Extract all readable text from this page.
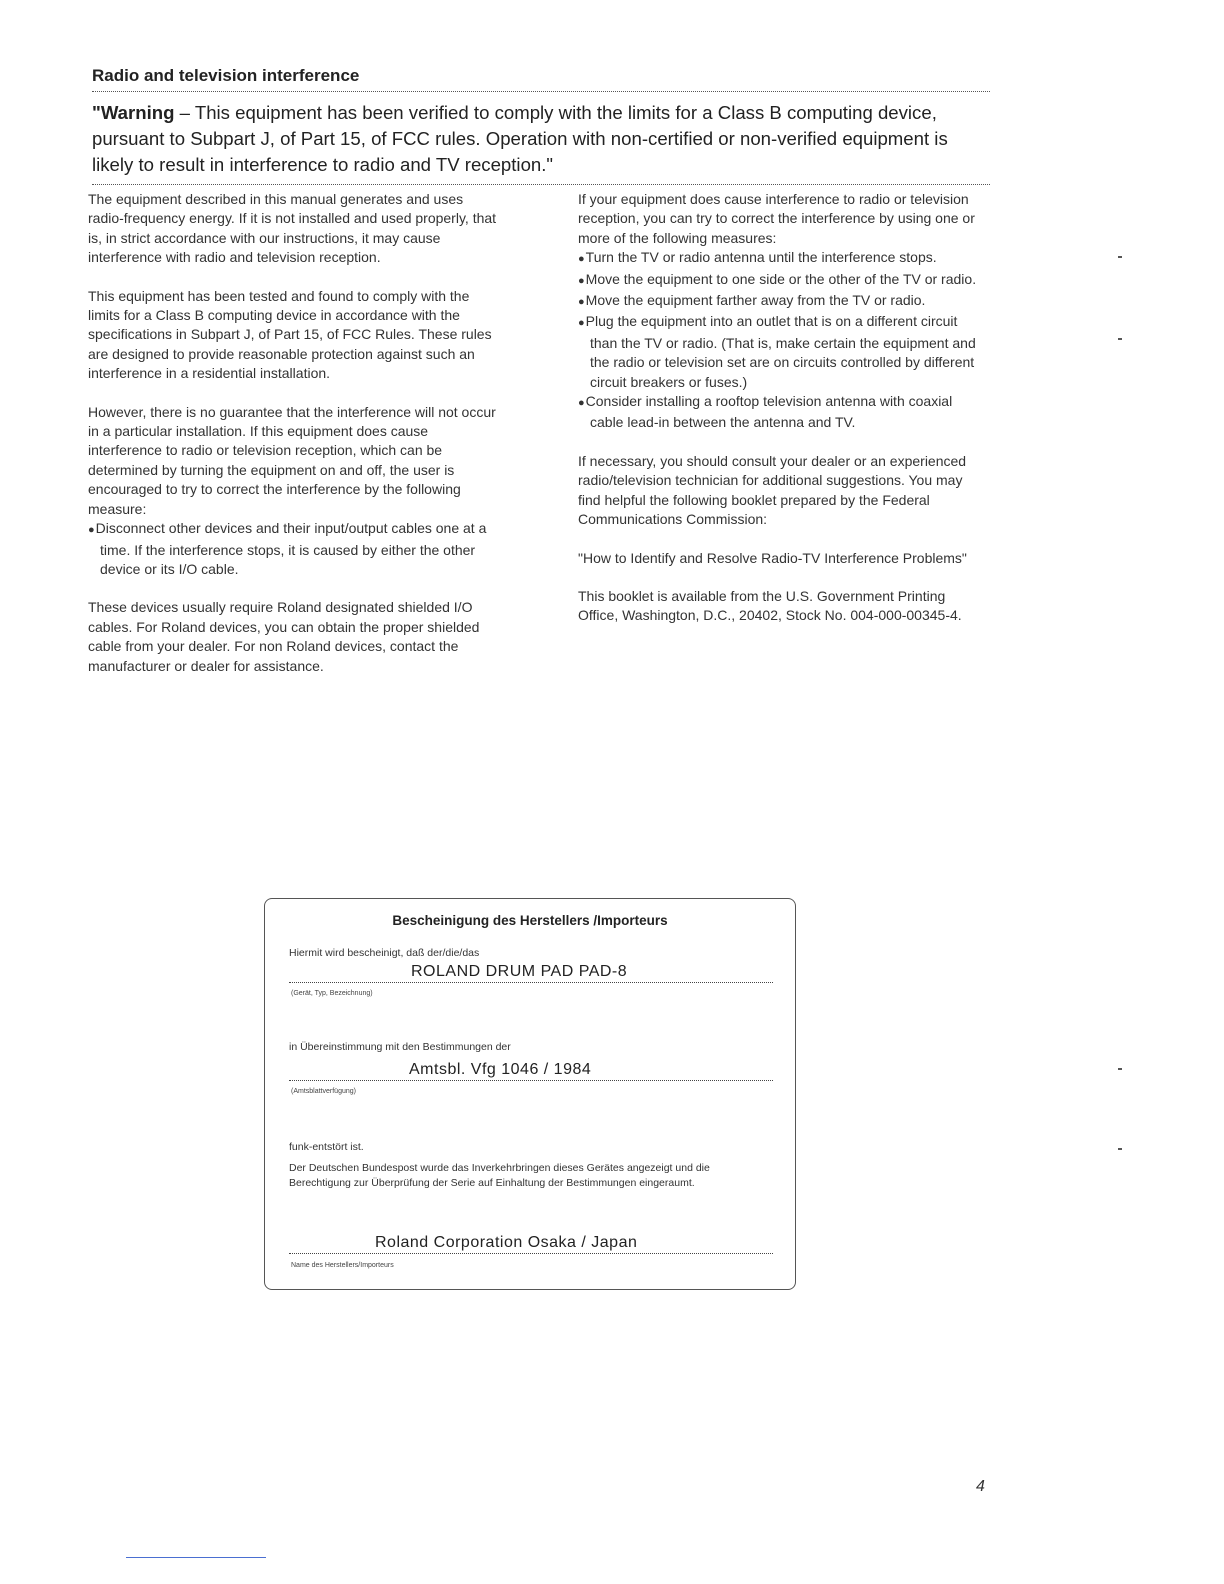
Radio and television interference
"Warning – This equipment has been verified to comply with the limits for a Class B computing device, pursuant to Subpart J, of Part 15, of FCC rules. Operation with non-certified or non-verified equipment is likely to result in interference to radio and TV reception."

The equipment described in this manual generates and uses radio-frequency energy. If it is not installed and used properly, that is, in strict accordance with our instructions, it may cause interference with radio and television reception.

This equipment has been tested and found to comply with the limits for a Class B computing device in accordance with the specifications in Subpart J, of Part 15, of FCC Rules. These rules are designed to provide reasonable protection against such an interference in a residential installation.

However, there is no guarantee that the interference will not occur in a particular installation. If this equipment does cause interference to radio or television reception, which can be determined by turning the equipment on and off, the user is encouraged to try to correct the interference by the following measure:

●Disconnect other devices and their input/output cables one at a time. If the interference stops, it is caused by either the other device or its I/O cable.

These devices usually require Roland designated shielded I/O cables. For Roland devices, you can obtain the proper shielded cable from your dealer. For non Roland devices, contact the manufacturer or dealer for assistance.

If your equipment does cause interference to radio or television reception, you can try to correct the interference by using one or more of the following measures:

●Turn the TV or radio antenna until the interference stops.
●Move the equipment to one side or the other of the TV or radio.
●Move the equipment farther away from the TV or radio.
●Plug the equipment into an outlet that is on a different circuit than the TV or radio. (That is, make certain the equipment and the radio or television set are on circuits controlled by different circuit breakers or fuses.)
●Consider installing a rooftop television antenna with coaxial cable lead-in between the antenna and TV.

If necessary, you should consult your dealer or an experienced radio/television technician for additional suggestions. You may find helpful the following booklet prepared by the Federal Communications Commission:

"How to Identify and Resolve Radio-TV Interference Problems"

This booklet is available from the U.S. Government Printing Office, Washington, D.C., 20402, Stock No. 004-000-00345-4.

Bescheinigung des Herstellers /Importeurs
Hiermit wird bescheinigt, daß der/die/das
ROLAND DRUM PAD PAD-8
(Gerät, Typ, Bezeichnung)
in Übereinstimmung mit den Bestimmungen der
Amtsbl. Vfg 1046 / 1984
(Amtsblattverfügung)
funk-entstört ist.
Der Deutschen Bundespost wurde das Inverkehrbringen dieses Gerätes angezeigt und die Berechtigung zur Überprüfung der Serie auf Einhaltung der Bestimmungen eingeraumt.
Roland Corporation Osaka / Japan
Name des Herstellers/Importeurs
4
